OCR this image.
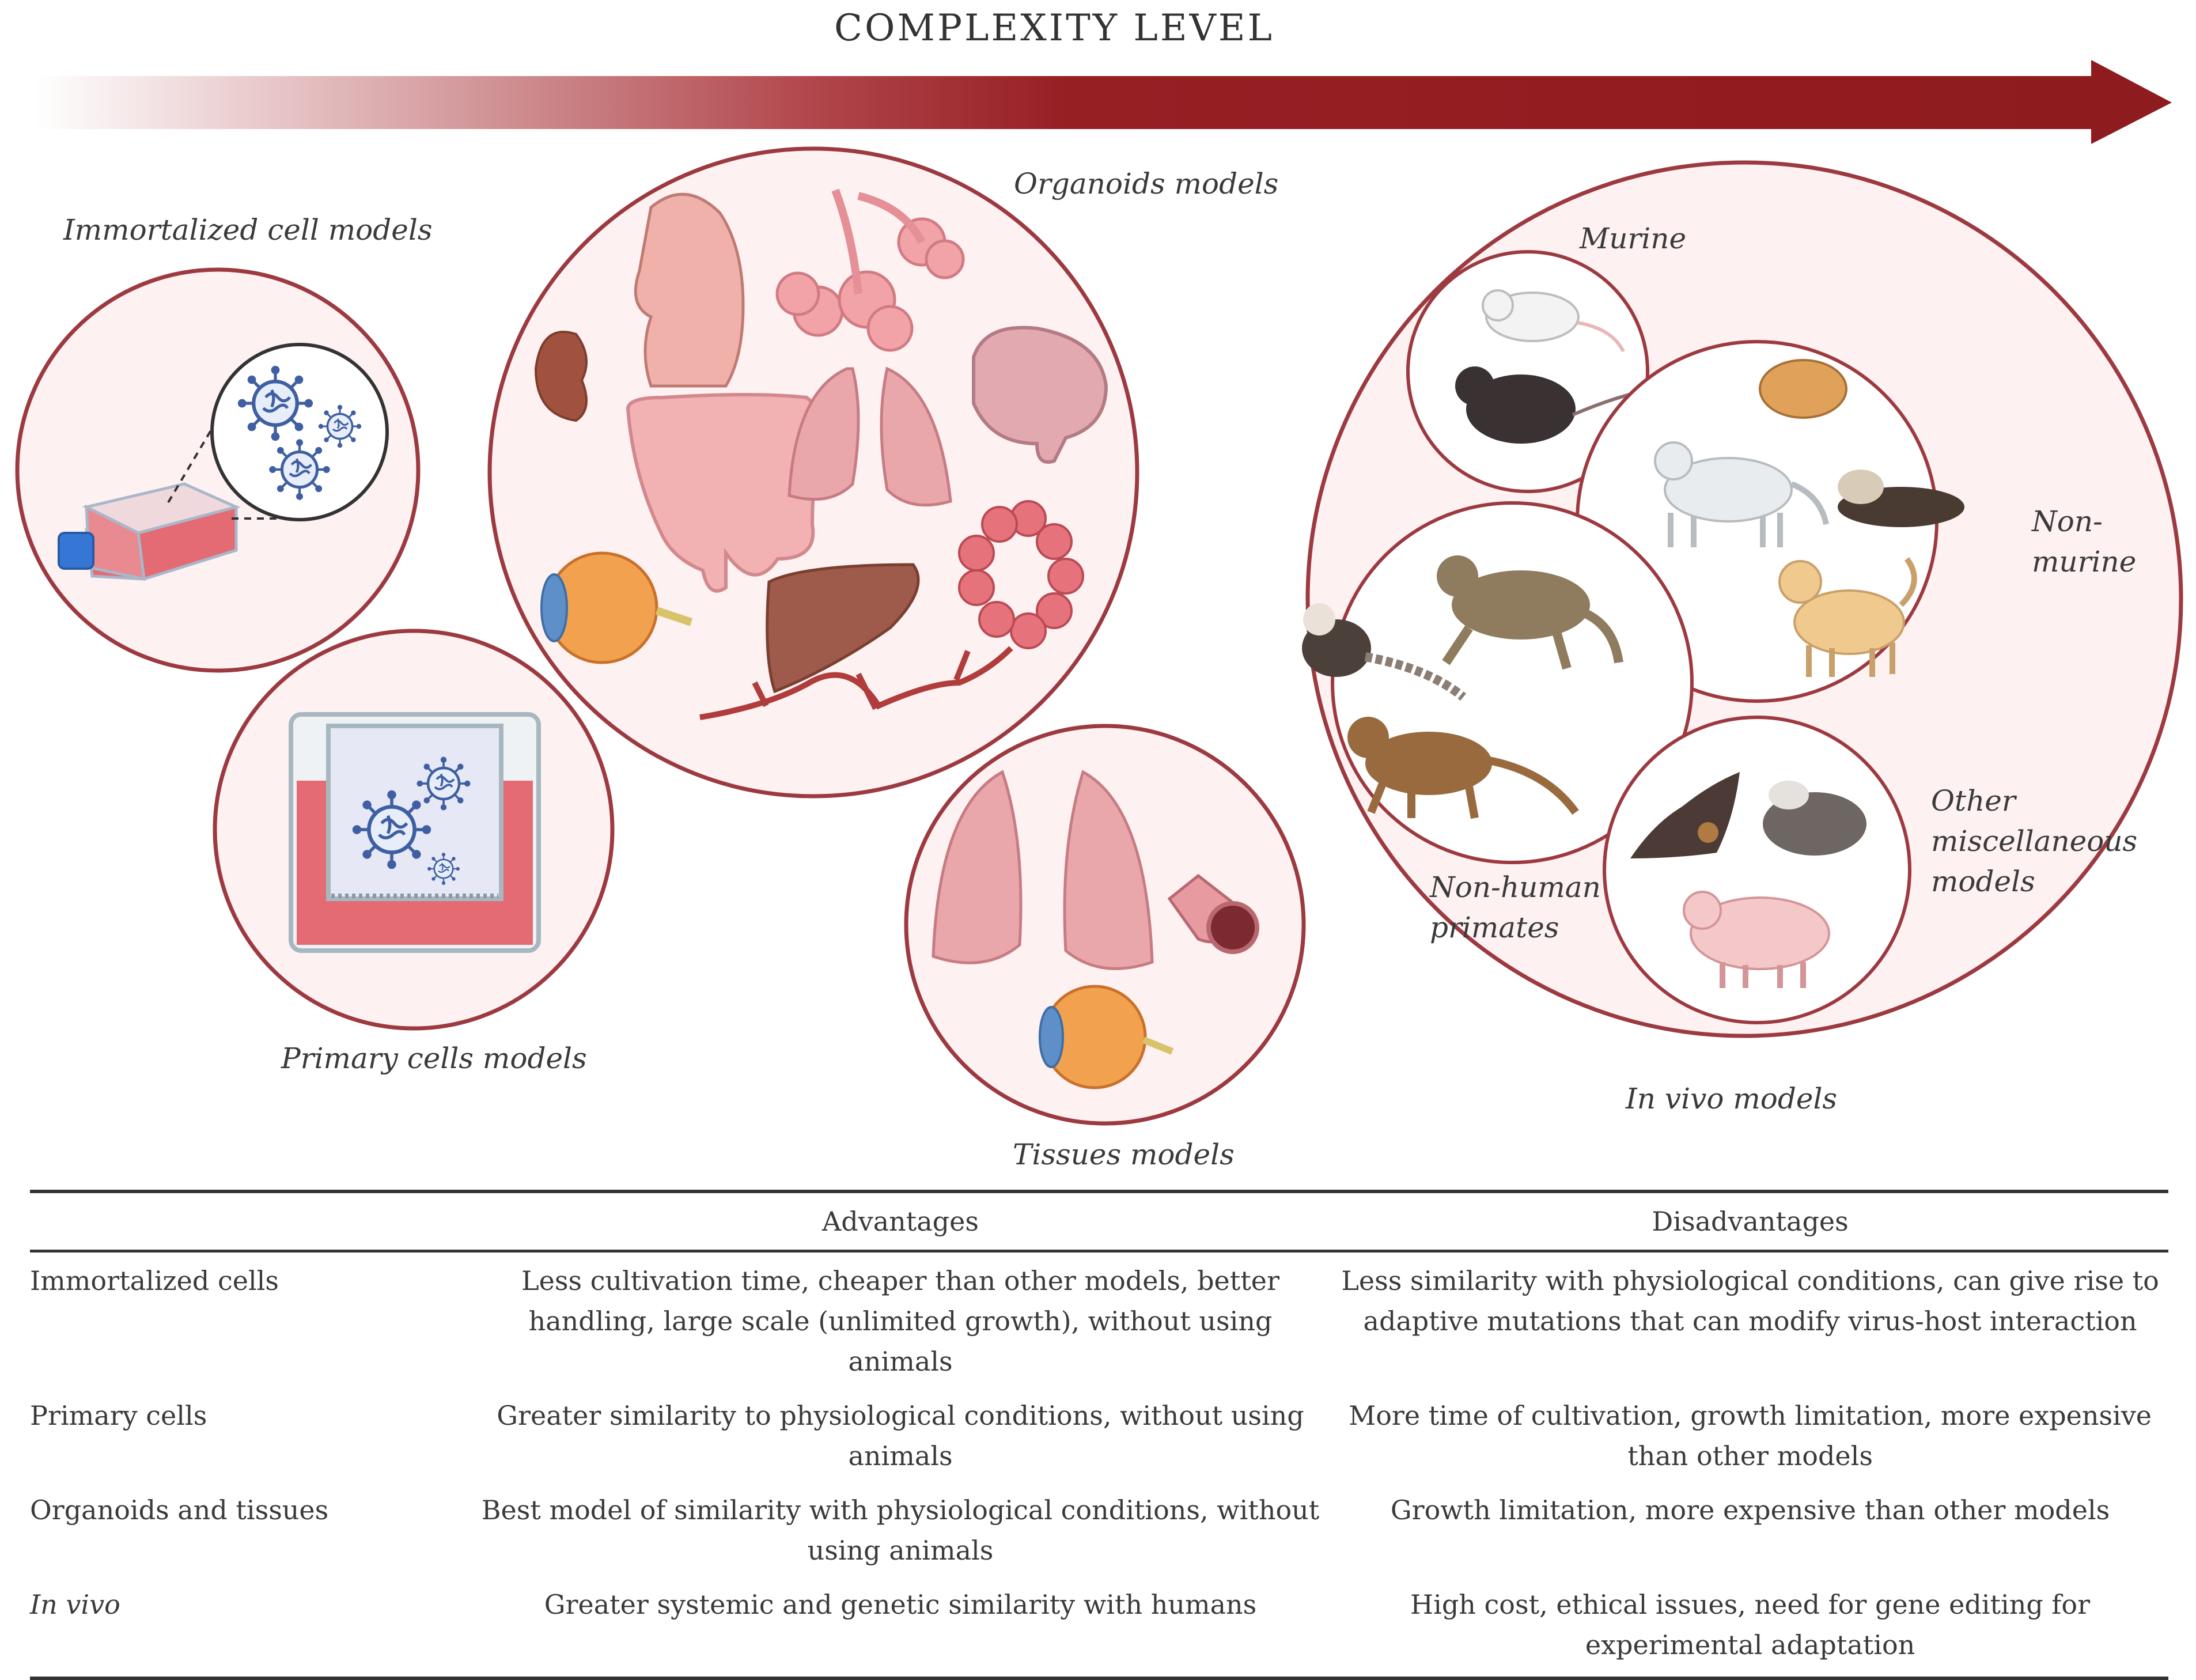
COMPLEXITY LEVEL
Immortalized cell models
Organoids models
Primary cells models
Tissues models
In vivo models
Murine
Non-
murine
Non-human
primates
Other
miscellaneous
models
	Advantages	Disadvantages
Immortalized cells	Less cultivation time, cheaper than other models, better handling, large scale (unlimited growth), without using animals	Less similarity with physiological conditions, can give rise to adaptive mutations that can modify virus-host interaction
Primary cells	Greater similarity to physiological conditions, without using animals	More time of cultivation, growth limitation, more expensive than other models
Organoids and tissues	Best model of similarity with physiological conditions, without using animals	Growth limitation, more expensive than other models
In vivo	Greater systemic and genetic similarity with humans	High cost, ethical issues, need for gene editing for experimental adaptation
